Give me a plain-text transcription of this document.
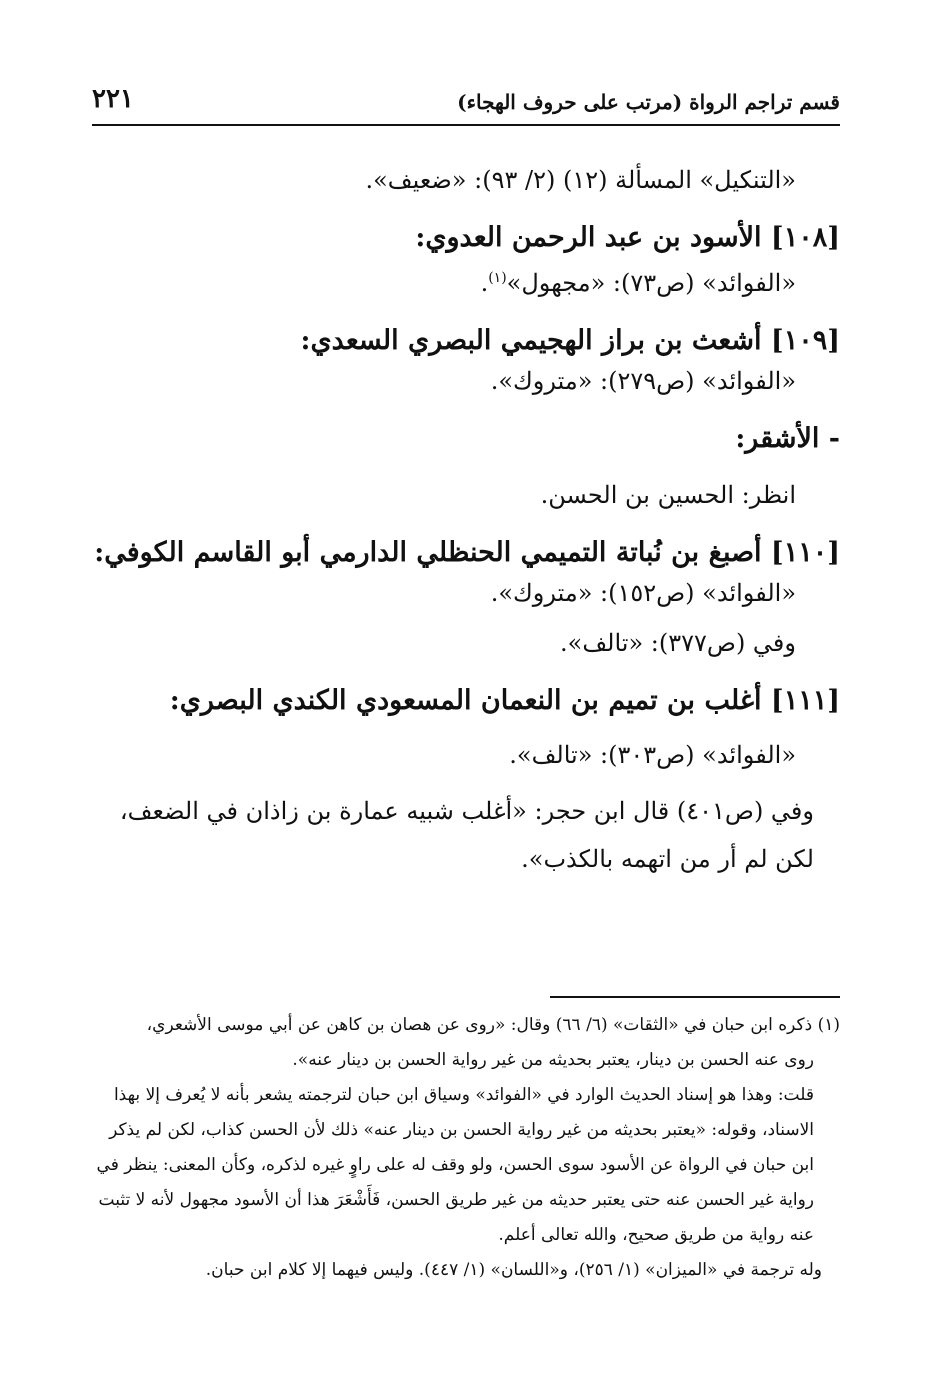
قسم تراجم الرواة (مرتب على حروف الهجاء)
٢٢١
«التنكيل» المسألة (١٢) (٢/ ٩٣): «ضعيف».
[١٠٨] الأسود بن عبد الرحمن العدوي:
«الفوائد» (ص٧٣): «مجهول»$^{(١)}$.
[١٠٩] أشعث بن براز الهجيمي البصري السعدي:
«الفوائد» (ص٢٧٩): «متروك».
- الأشقر:
انظر: الحسين بن الحسن.
[١١٠] أصبغ بن نُباتة التميمي الحنظلي الدارمي أبو القاسم الكوفي:
«الفوائد» (ص١٥٢): «متروك».
وفي (ص٣٧٧): «تالف».
[١١١] أغلب بن تميم بن النعمان المسعودي الكندي البصري:
«الفوائد» (ص٣٠٣): «تالف».
وفي (ص٤٠١) قال ابن حجر: «أغلب شبيه عمارة بن زاذان في الضعف، لكن لم أر من اتهمه بالكذب».

(١) ذكره ابن حبان في «الثقات» (٦/ ٦٦) وقال: «روى عن هصان بن كاهن عن أبي موسى الأشعري،

روى عنه الحسن بن دينار، يعتبر بحديثه من غير رواية الحسن بن دينار عنه».

قلت: وهذا هو إسناد الحديث الوارد في «الفوائد» وسياق ابن حبان لترجمته يشعر بأنه لا يُعرف إلا بهذا الاسناد، وقوله: «يعتبر بحديثه من غير رواية الحسن بن دينار عنه» ذلك لأن الحسن كذاب، لكن لم يذكر ابن حبان في الرواة عن الأسود سوى الحسن، ولو وقف له على راوٍ غيره لذكره، وكأن المعنى: ينظر في رواية غير الحسن عنه حتى يعتبر حديثه من غير طريق الحسن، فَأَشْعَرَ هذا أن الأسود مجهول لأنه لا تثبت عنه رواية من طريق صحيح، والله تعالى أعلم.

وله ترجمة في «الميزان» (١/ ٢٥٦)، و«اللسان» (١/ ٤٤٧). وليس فيهما إلا كلام ابن حبان.
